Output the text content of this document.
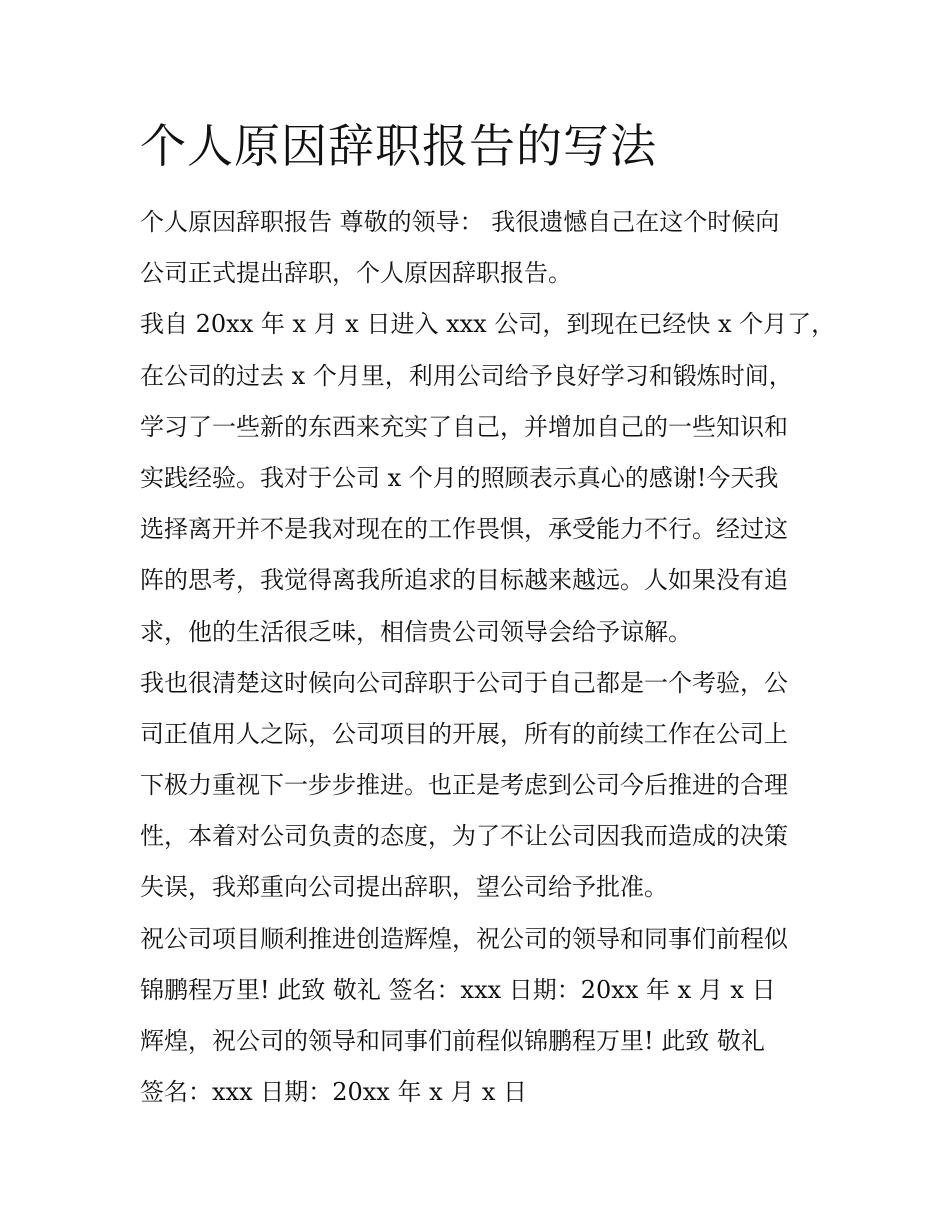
个人原因辞职报告的写法

个人原因辞职报告 尊敬的领导： 我很遗憾自己在这个时候向

公司正式提出辞职，个人原因辞职报告。

我自 20xx 年 x 月 x 日进入 xxx 公司，到现在已经快 x 个月了，

在公司的过去 x 个月里，利用公司给予良好学习和锻炼时间，

学习了一些新的东西来充实了自己，并增加自己的一些知识和

实践经验。我对于公司 x 个月的照顾表示真心的感谢!今天我

选择离开并不是我对现在的工作畏惧，承受能力不行。经过这

阵的思考，我觉得离我所追求的目标越来越远。人如果没有追

求，他的生活很乏味，相信贵公司领导会给予谅解。

我也很清楚这时候向公司辞职于公司于自己都是一个考验，公

司正值用人之际，公司项目的开展，所有的前续工作在公司上

下极力重视下一步步推进。也正是考虑到公司今后推进的合理

性，本着对公司负责的态度，为了不让公司因我而造成的决策

失误，我郑重向公司提出辞职，望公司给予批准。

祝公司项目顺利推进创造辉煌，祝公司的领导和同事们前程似

锦鹏程万里! 此致 敬礼 签名：xxx 日期：20xx 年 x 月 x 日

辉煌，祝公司的领导和同事们前程似锦鹏程万里! 此致 敬礼

签名：xxx 日期：20xx 年 x 月 x 日
